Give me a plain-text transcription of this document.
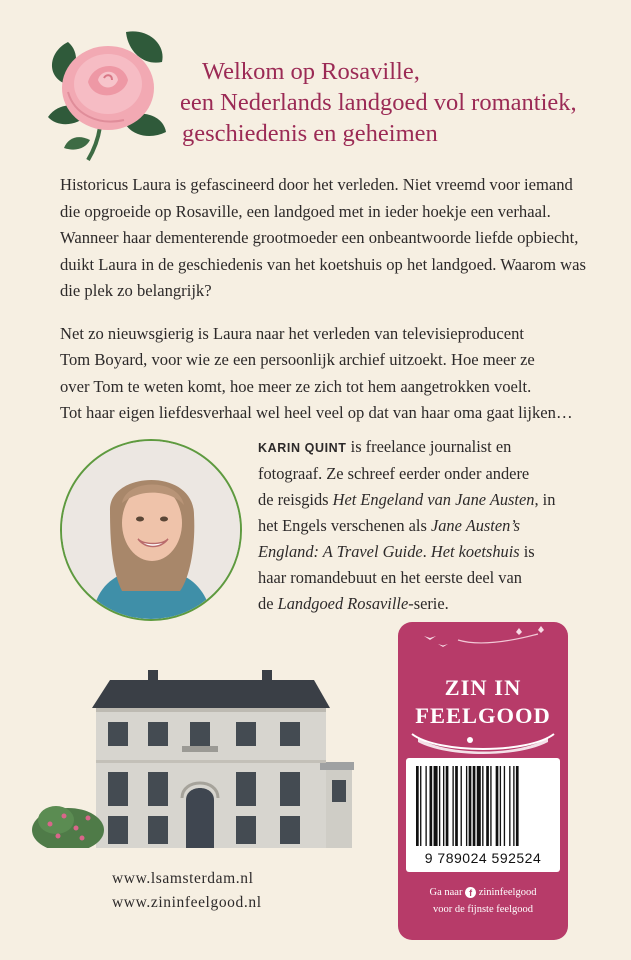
Welkom op Rosaville,
een Nederlands landgoed vol romantiek,
geschiedenis en geheimen

Historicus Laura is gefascineerd door het verleden. Niet vreemd voor iemand
die opgroeide op Rosaville, een landgoed met in ieder hoekje een verhaal.
Wanneer haar dementerende grootmoeder een onbeantwoorde liefde opbiecht,
duikt Laura in de geschiedenis van het koetshuis op het landgoed. Waarom was
die plek zo belangrijk?

Net zo nieuwsgierig is Laura naar het verleden van televisieproducent
Tom Boyard, voor wie ze een persoonlijk archief uitzoekt. Hoe meer ze
over Tom te weten komt, hoe meer ze zich tot hem aangetrokken voelt.
Tot haar eigen liefdesverhaal wel heel veel op dat van haar oma gaat lijken…

KARIN QUINT is freelance journalist en
fotograaf. Ze schreef eerder onder andere
de reisgids Het Engeland van Jane Austen, in
het Engels verschenen als Jane Austen’s
England: A Travel Guide. Het koetshuis is
haar romandebuut en het eerste deel van
de Landgoed Rosaville-serie.
www.lsamsterdam.nl
www.zininfeelgood.nl
ZIN IN
FEELGOOD
9 789024 592524
Ga naar f zininfeelgood
voor de fijnste feelgood
